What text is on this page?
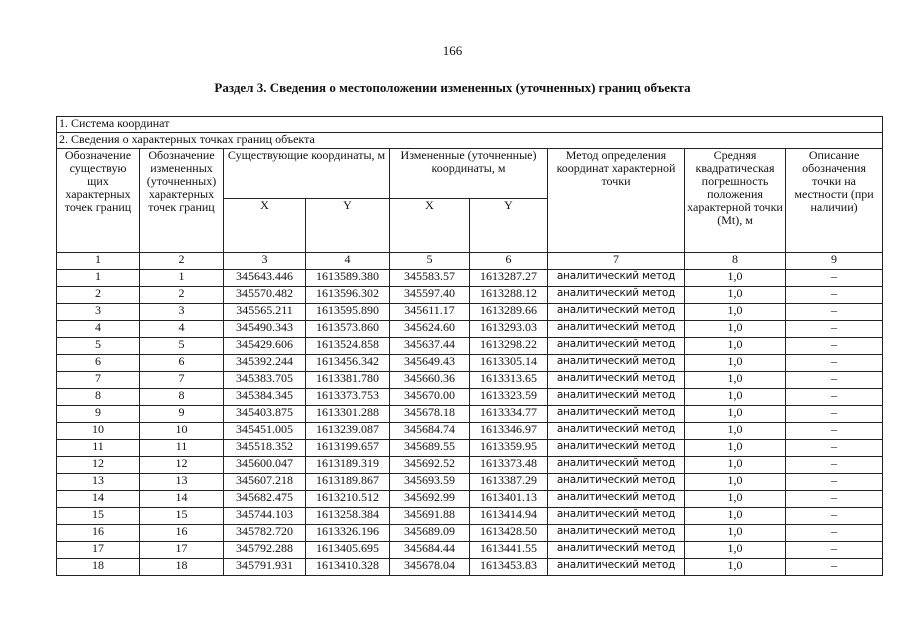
166
Раздел 3. Сведения о местоположении измененных (уточненных) границ объекта
1. Система координат								
2. Сведения о характерных точках границ объекта								
Обозначение существую щих характерных точек границ	Обозначение измененных (уточненных) характерных точек границ	Существующие координаты, м		Измененные (уточненные) координаты, м		Метод определения координат характерной точки	Средняя квадратическая погрешность положения характерной точки (Mt), м	Описание обозначения точки на местности (при наличии)
		X	Y	X	Y			
1	2	3	4	5	6	7	8	9
1	1	345643.446	1613589.380	345583.57	1613287.27	аналитический метод	1,0	–
2	2	345570.482	1613596.302	345597.40	1613288.12	аналитический метод	1,0	–
3	3	345565.211	1613595.890	345611.17	1613289.66	аналитический метод	1,0	–
4	4	345490.343	1613573.860	345624.60	1613293.03	аналитический метод	1,0	–
5	5	345429.606	1613524.858	345637.44	1613298.22	аналитический метод	1,0	–
6	6	345392.244	1613456.342	345649.43	1613305.14	аналитический метод	1,0	–
7	7	345383.705	1613381.780	345660.36	1613313.65	аналитический метод	1,0	–
8	8	345384.345	1613373.753	345670.00	1613323.59	аналитический метод	1,0	–
9	9	345403.875	1613301.288	345678.18	1613334.77	аналитический метод	1,0	–
10	10	345451.005	1613239.087	345684.74	1613346.97	аналитический метод	1,0	–
11	11	345518.352	1613199.657	345689.55	1613359.95	аналитический метод	1,0	–
12	12	345600.047	1613189.319	345692.52	1613373.48	аналитический метод	1,0	–
13	13	345607.218	1613189.867	345693.59	1613387.29	аналитический метод	1,0	–
14	14	345682.475	1613210.512	345692.99	1613401.13	аналитический метод	1,0	–
15	15	345744.103	1613258.384	345691.88	1613414.94	аналитический метод	1,0	–
16	16	345782.720	1613326.196	345689.09	1613428.50	аналитический метод	1,0	–
17	17	345792.288	1613405.695	345684.44	1613441.55	аналитический метод	1,0	–
18	18	345791.931	1613410.328	345678.04	1613453.83	аналитический метод	1,0	–
